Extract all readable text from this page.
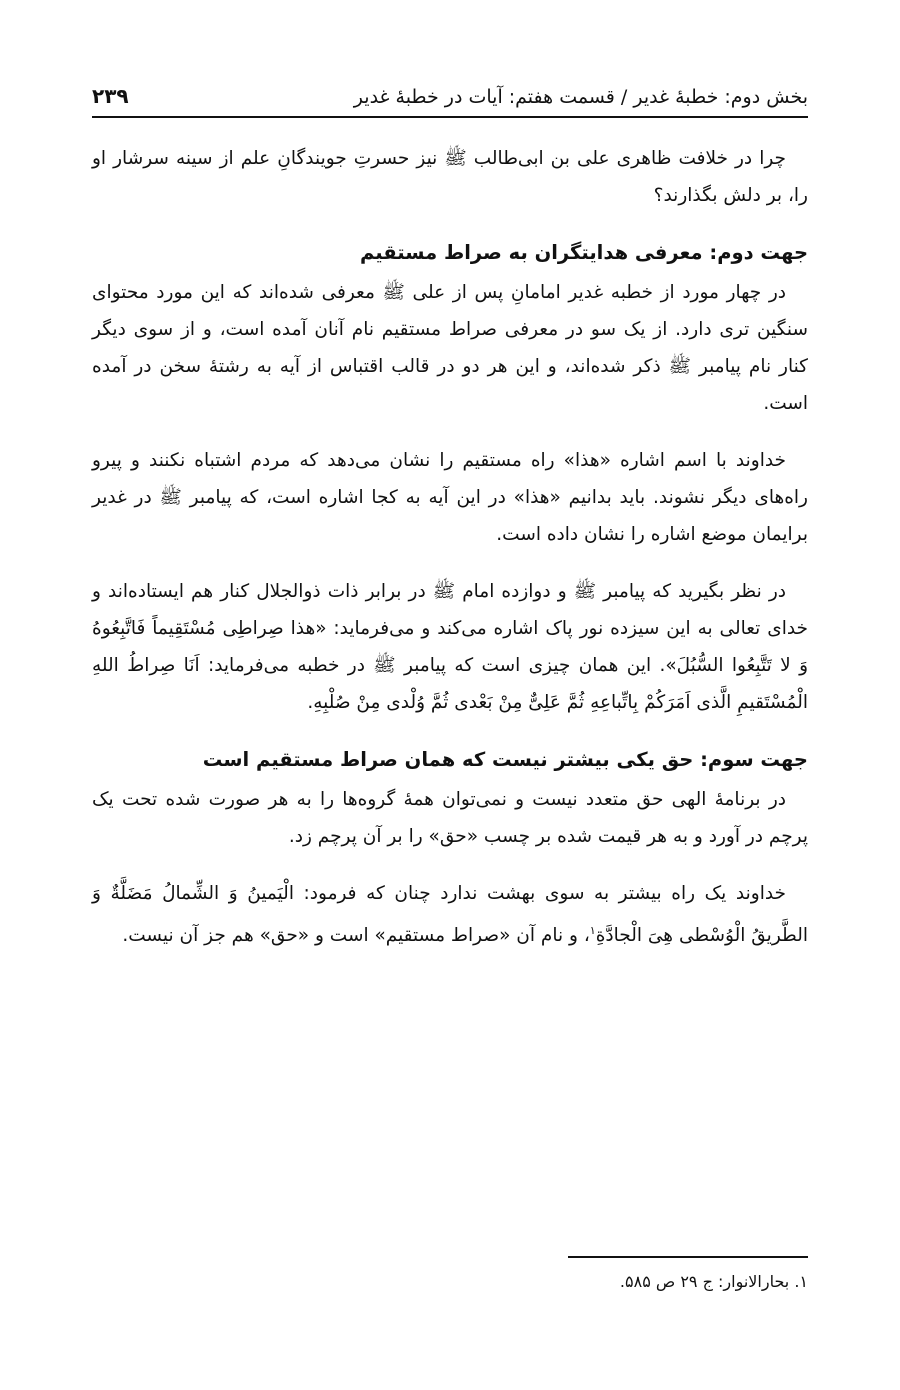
بخش دوم: خطبۀ غدیر / قسمت هفتم: آیات در خطبۀ غدیر
۲۳۹

چرا در خلافت ظاهری علی بن ابی‌طالب ﷺ نیز حسرتِ جویندگانِ علم از سینه سرشار او را، بر دلش بگذارند؟

جهت دوم: معرفی هدایتگران به صراط مستقیم

در چهار مورد از خطبه غدیر امامانِ پس از علی ﷺ معرفی شده‌اند که این مورد محتوای سنگین تری دارد. از یک سو در معرفی صراط مستقیم نام آنان آمده است، و از سوی دیگر کنار نام پیامبر ﷺ ذکر شده‌اند، و این هر دو در قالب اقتباس از آیه به رشتۀ سخن در آمده است.

خداوند با اسم اشاره «هذا» راه مستقیم را نشان می‌دهد که مردم اشتباه نکنند و پیرو راه‌های دیگر نشوند. باید بدانیم «هذا» در این آیه به کجا اشاره است، که پیامبر ﷺ در غدیر برایمان موضع اشاره را نشان داده است.

در نظر بگیرید که پیامبر ﷺ و دوازده امام ﷺ در برابر ذات ذوالجلال کنار هم ایستاده‌اند و خدای تعالی به این سیزده نور پاک اشاره می‌کند و می‌فرماید: «هذا صِراطِی مُسْتَقِیماً فَاتَّبِعُوهُ وَ لا تَتَّبِعُوا السُّبُلَ». این همان چیزی است که پیامبر ﷺ در خطبه می‌فرماید: اَنَا صِراطُ اللهِ الْمُسْتَقیمِ الَّذی اَمَرَکُمْ بِاتِّباعِهِ ثُمَّ عَلِیٌّ مِنْ بَعْدی ثُمَّ وُلْدی مِنْ صُلْبِهِ.

جهت سوم: حق یکی بیشتر نیست که همان صراط مستقیم است

در برنامۀ الهی حق متعدد نیست و نمی‌توان همۀ گروه‌ها را به هر صورت شده تحت یک پرچم در آورد و به هر قیمت شده بر چسب «حق» را بر آن پرچم زد.

خداوند یک راه بیشتر به سوی بهشت ندارد چنان که فرمود: الْیَمینُ وَ الشِّمالُ مَضَلَّةٌ وَ الطَّریقُ الْوُسْطی هِیَ الْجادَّةِ$^۱$، و نام آن «صراط مستقیم» است و «حق» هم جز آن نیست.

۱. بحارالانوار: ج ۲۹ ص ۵۸۵.
